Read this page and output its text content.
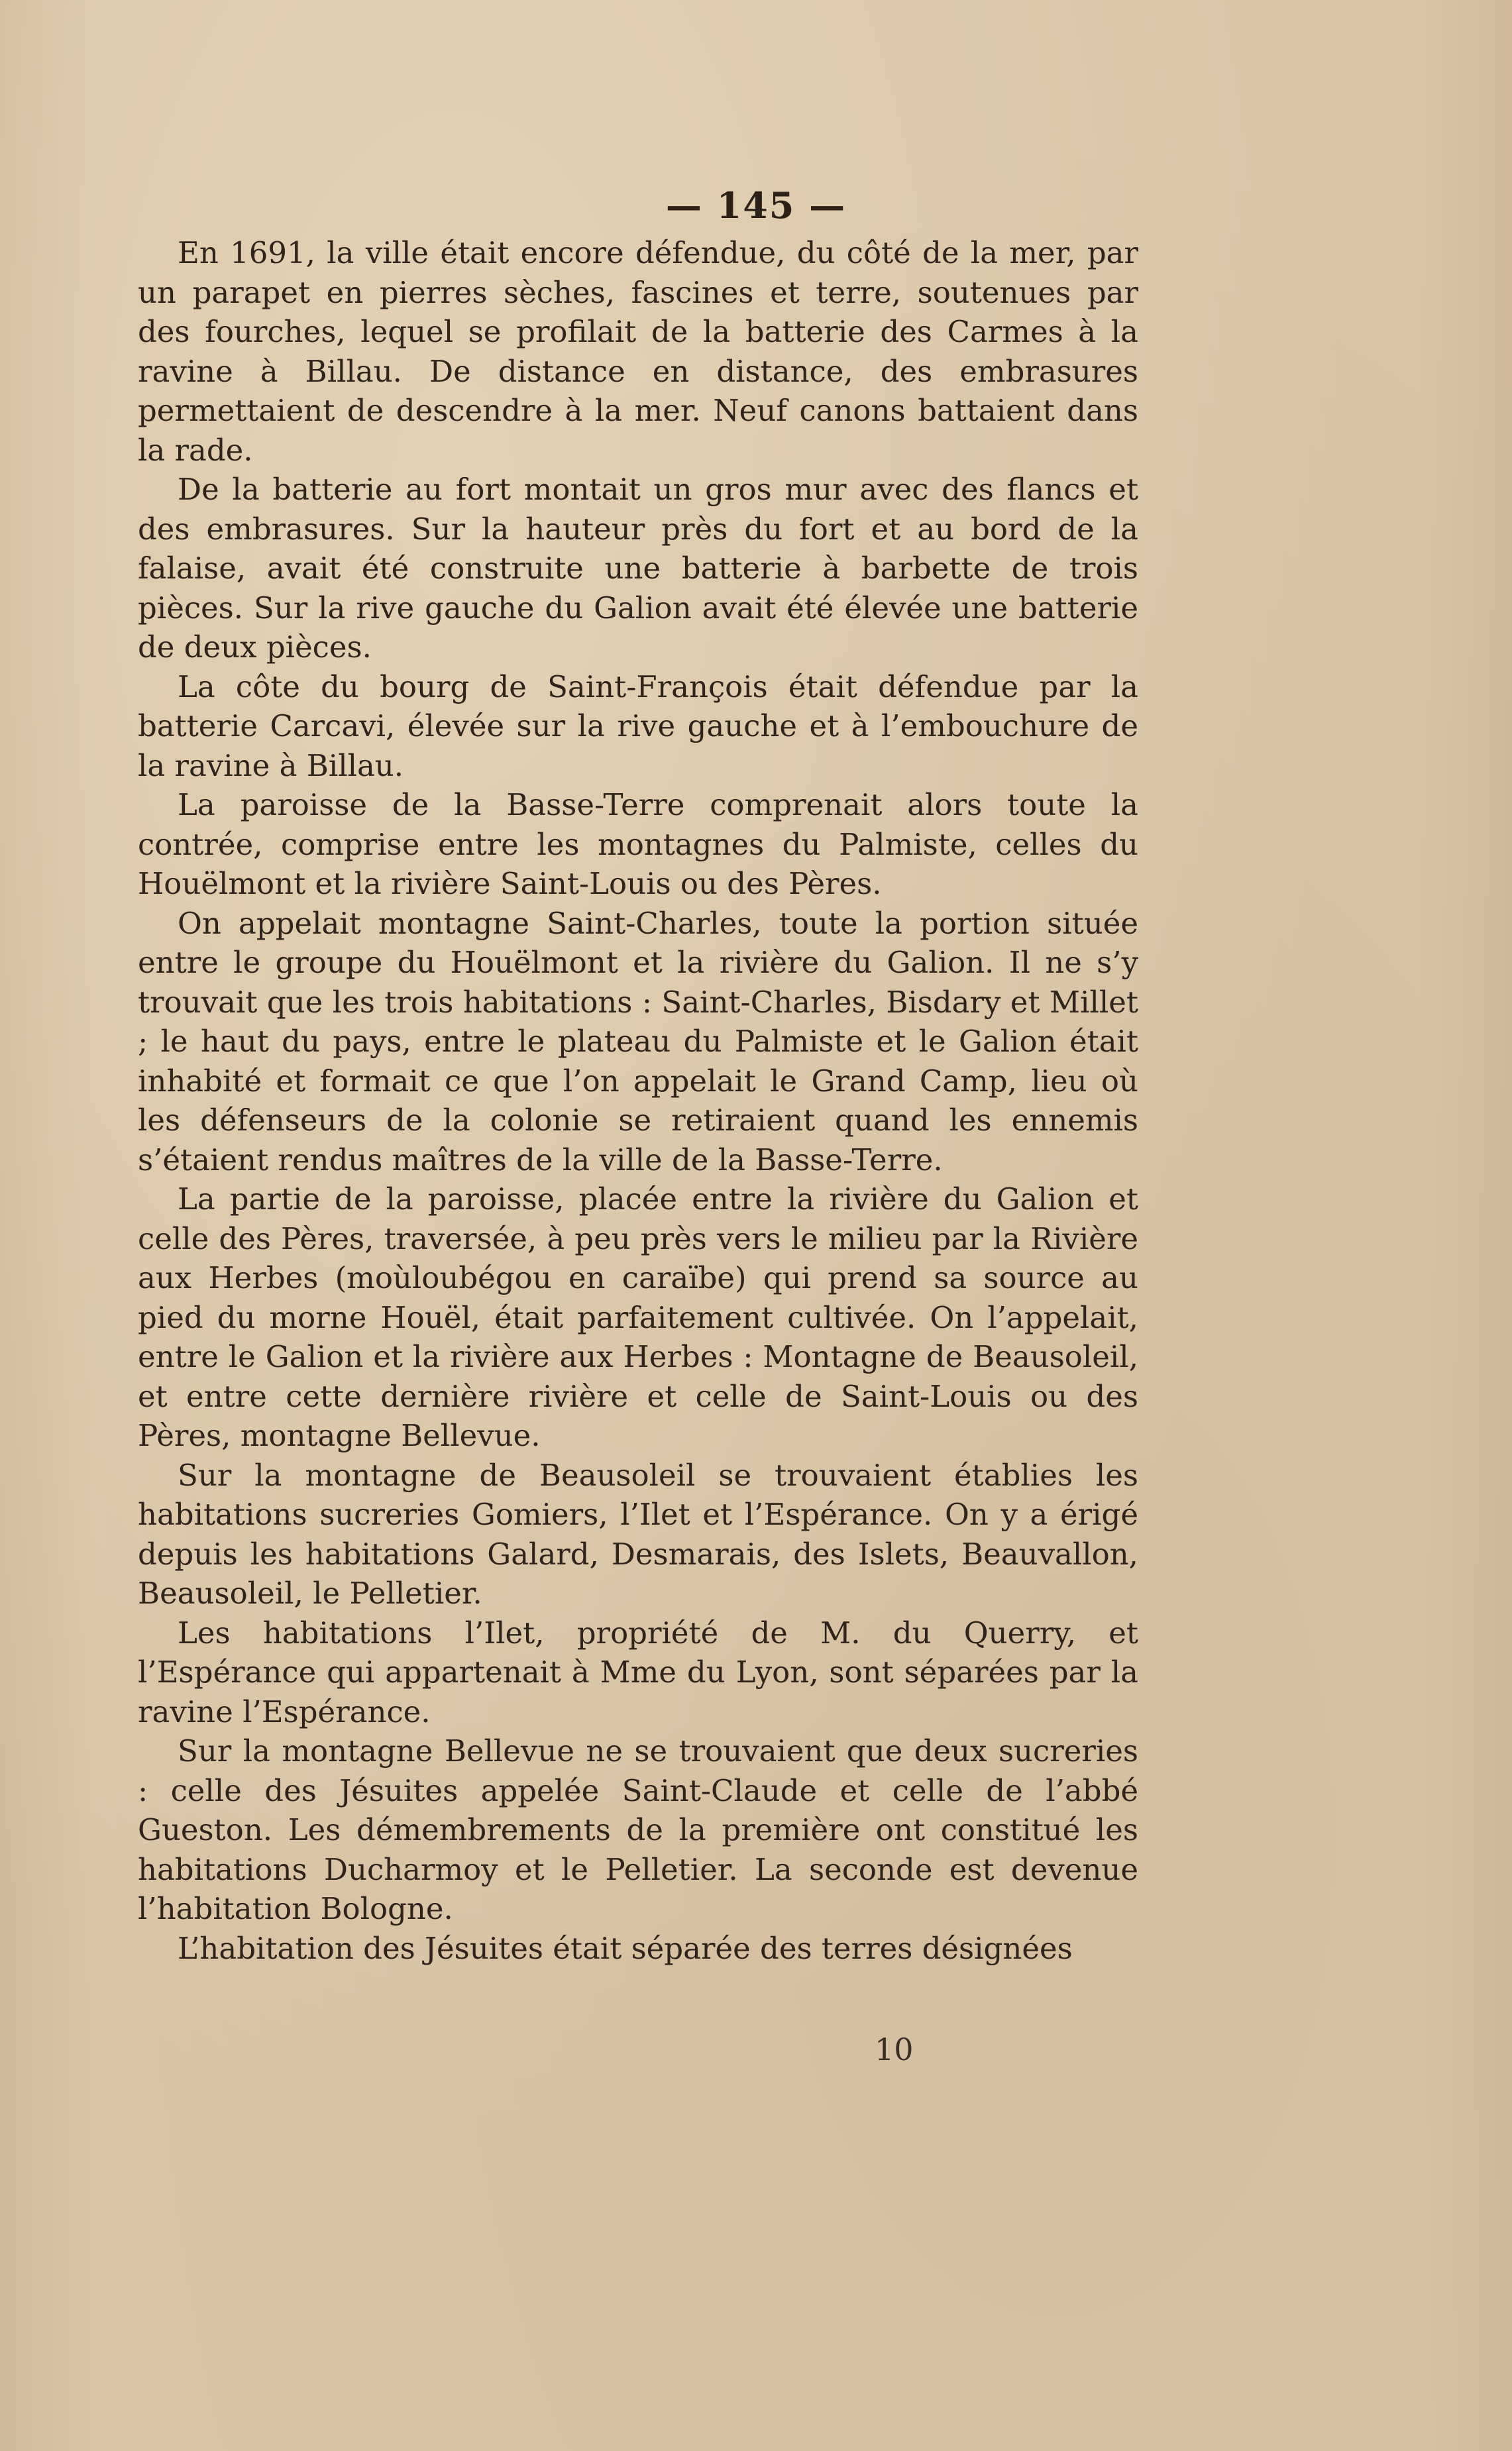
— 145 —

En 1691, la ville était encore défendue, du côté de la mer, par un parapet en pierres sèches, fascines et terre, soutenues par des fourches, lequel se profilait de la batterie des Carmes à la ravine à Billau. De distance en distance, des embrasures permettaient de descendre à la mer. Neuf canons battaient dans la rade.

De la batterie au fort montait un gros mur avec des flancs et des embrasures. Sur la hauteur près du fort et au bord de la falaise, avait été construite une batterie à barbette de trois pièces. Sur la rive gauche du Galion avait été élevée une batterie de deux pièces.

La côte du bourg de Saint-François était défendue par la batterie Carcavi, élevée sur la rive gauche et à l’embouchure de la ravine à Billau.

La paroisse de la Basse-Terre comprenait alors toute la contrée, comprise entre les montagnes du Palmiste, celles du Houëlmont et la rivière Saint-Louis ou des Pères.

On appelait montagne Saint-Charles, toute la portion située entre le groupe du Houëlmont et la rivière du Galion. Il ne s’y trouvait que les trois habitations : Saint-Charles, Bisdary et Millet ; le haut du pays, entre le plateau du Palmiste et le Galion était inhabité et formait ce que l’on appelait le Grand Camp, lieu où les défenseurs de la colonie se retiraient quand les ennemis s’étaient rendus maîtres de la ville de la Basse-Terre.

La partie de la paroisse, placée entre la rivière du Galion et celle des Pères, traversée, à peu près vers le milieu par la Rivière aux Herbes (moùloubégou en caraïbe) qui prend sa source au pied du morne Houël, était parfaitement cultivée. On l’appelait, entre le Galion et la rivière aux Herbes : Montagne de Beausoleil, et entre cette dernière rivière et celle de Saint-Louis ou des Pères, montagne Bellevue.

Sur la montagne de Beausoleil se trouvaient établies les habitations sucreries Gomiers, l’Ilet et l’Espérance. On y a érigé depuis les habitations Galard, Desmarais, des Islets, Beauvallon, Beausoleil, le Pelletier.

Les habitations l’Ilet, propriété de M. du Querry, et l’Espérance qui appartenait à Mme du Lyon, sont séparées par la ravine l’Espérance.

Sur la montagne Bellevue ne se trouvaient que deux sucreries : celle des Jésuites appelée Saint-Claude et celle de l’abbé Gueston. Les démembrements de la première ont constitué les habitations Ducharmoy et le Pelletier. La seconde est devenue l’habitation Bologne.

L’habitation des Jésuites était séparée des terres désignées

10
